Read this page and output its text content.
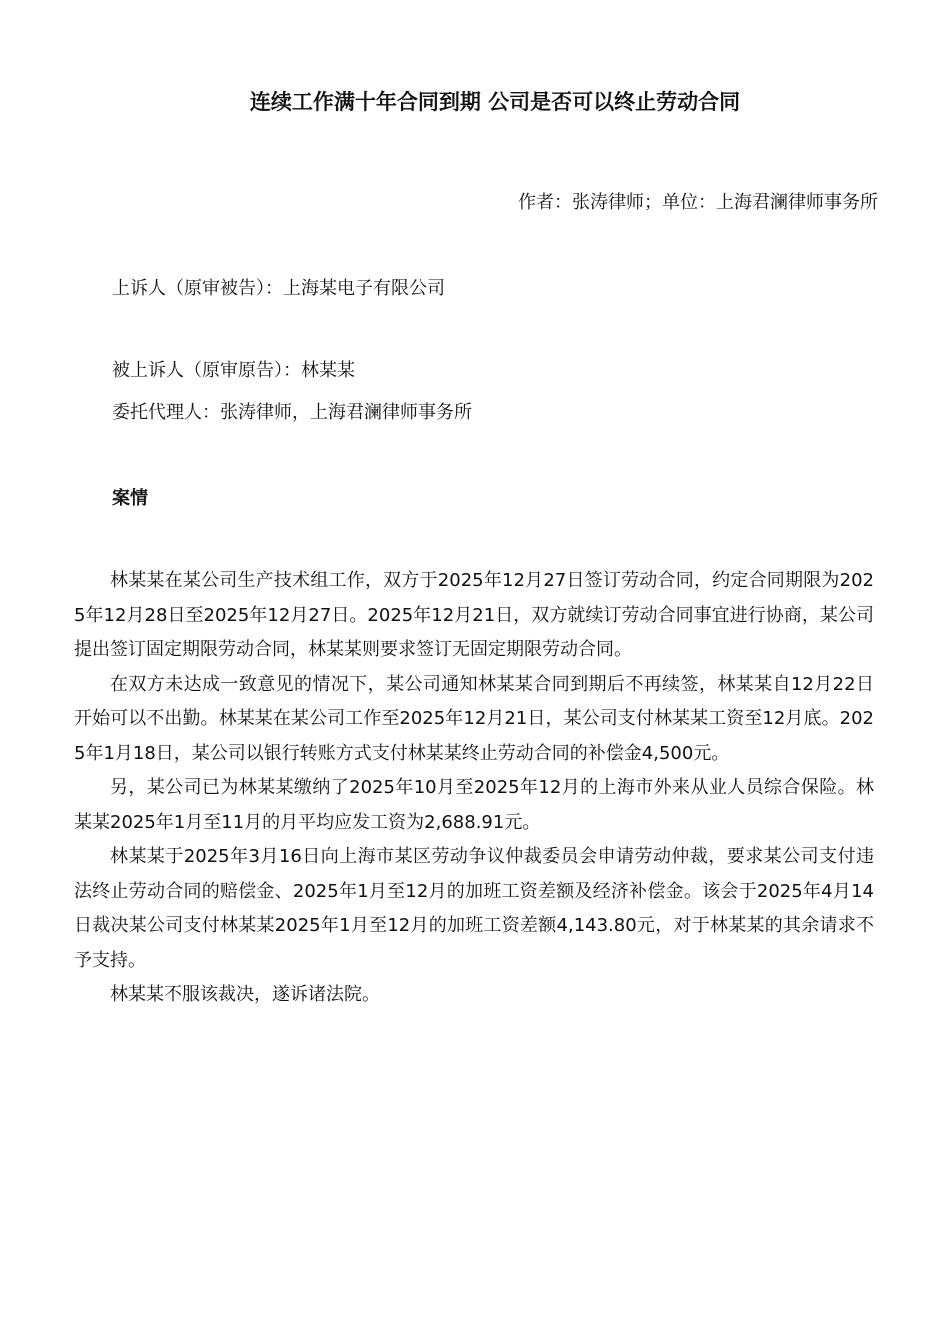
连续工作满十年合同到期 公司是否可以终止劳动合同
作者：张涛律师；单位：上海君澜律师事务所
上诉人（原审被告）：上海某电子有限公司
被上诉人（原审原告）：林某某
委托代理人：张涛律师，上海君澜律师事务所
案情

林某某在某公司生产技术组工作，双方于2025年12月27日签订劳动合同，约定合同期限为2025年12月28日至2025年12月27日。2025年12月21日，双方就续订劳动合同事宜进行协商，某公司提出签订固定期限劳动合同，林某某则要求签订无固定期限劳动合同。

在双方未达成一致意见的情况下，某公司通知林某某合同到期后不再续签，林某某自12月22日开始可以不出勤。林某某在某公司工作至2025年12月21日，某公司支付林某某工资至12月底。2025年1月18日，某公司以银行转账方式支付林某某终止劳动合同的补偿金4,500元。

另，某公司已为林某某缴纳了2025年10月至2025年12月的上海市外来从业人员综合保险。林某某2025年1月至11月的月平均应发工资为2,688.91元。

林某某于2025年3月16日向上海市某区劳动争议仲裁委员会申请劳动仲裁，要求某公司支付违法终止劳动合同的赔偿金、2025年1月至12月的加班工资差额及经济补偿金。该会于2025年4月14日裁决某公司支付林某某2025年1月至12月的加班工资差额4,143.80元，对于林某某的其余请求不予支持。

林某某不服该裁决，遂诉诸法院。
